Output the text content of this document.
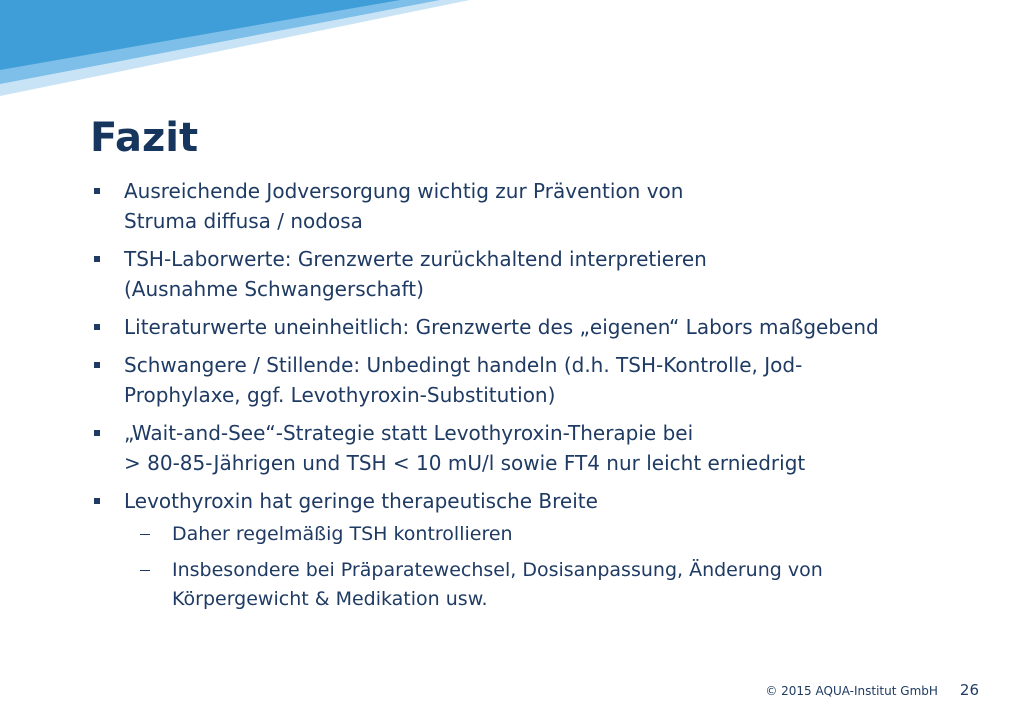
Fazit
Ausreichende Jodversorgung wichtig zur Prävention von
Struma diffusa / nodosa
TSH-Laborwerte: Grenzwerte zurückhaltend interpretieren
(Ausnahme Schwangerschaft)
Literaturwerte uneinheitlich: Grenzwerte des „eigenen“ Labors maßgebend
Schwangere / Stillende: Unbedingt handeln (d.h. TSH-Kontrolle, Jod-
Prophylaxe, ggf. Levothyroxin-Substitution)
„Wait-and-See“-Strategie statt Levothyroxin-Therapie bei
> 80-85-Jährigen und TSH < 10 mU/l sowie FT4 nur leicht erniedrigt
Levothyroxin hat geringe therapeutische Breite
Daher regelmäßig TSH kontrollieren
Insbesondere bei Präparatewechsel, Dosisanpassung, Änderung von
Körpergewicht & Medikation usw.
© 2015 AQUA-Institut GmbH 26
